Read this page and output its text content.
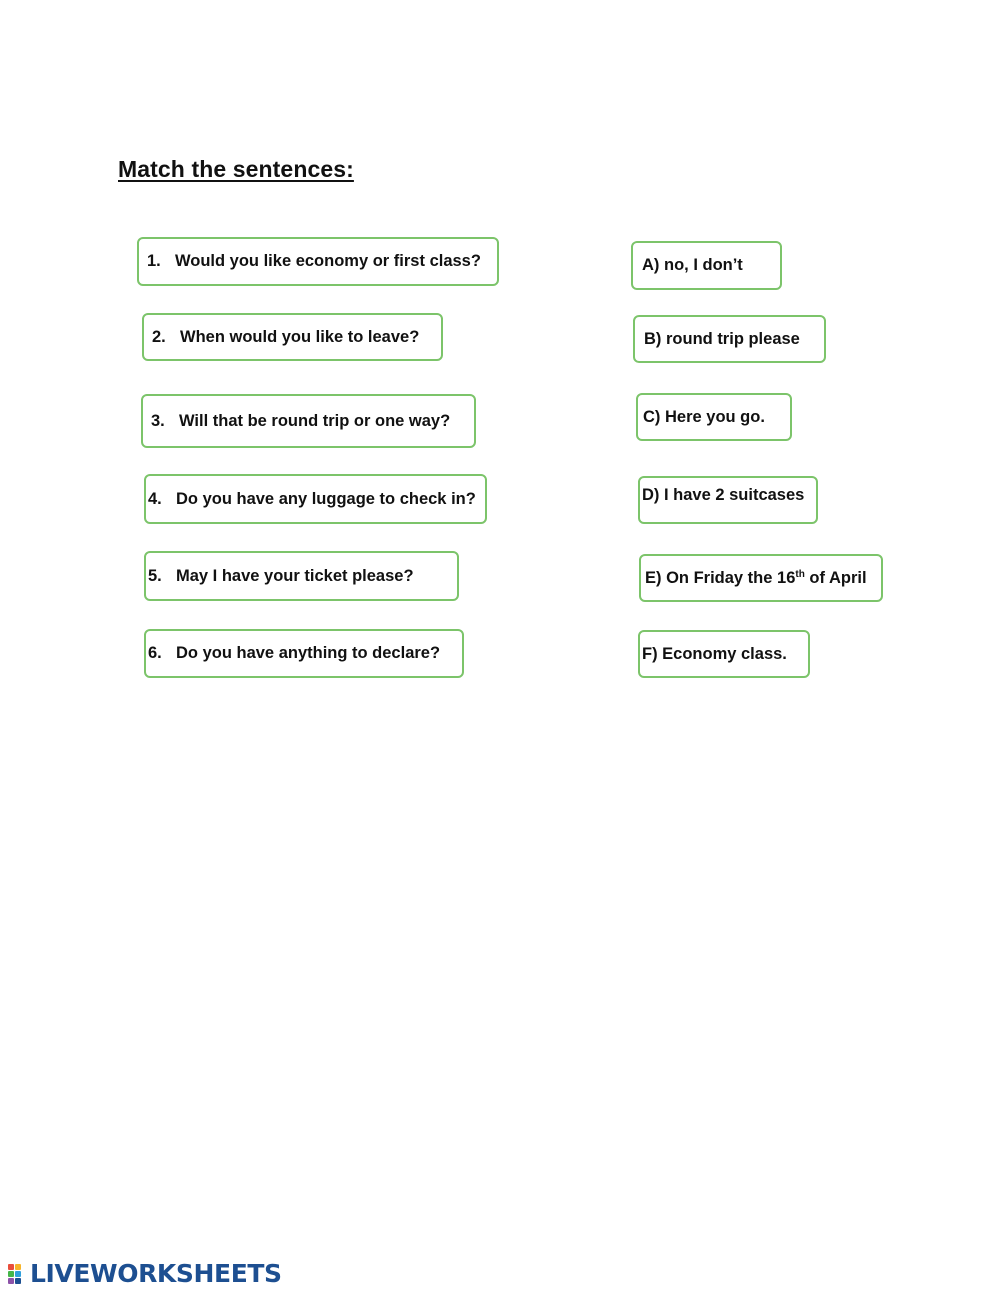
Match the sentences:
1. Would you like economy or first class?
2. When would you like to leave?
3. Will that be round trip or one way?
4. Do you have any luggage to check in?
5. May I have your ticket please?
6. Do you have anything to declare?
A) no, I don’t
B) round trip please
C) Here you go.
D) I have 2 suitcases
E) On Friday the 16th of April
F) Economy class.
LIVEWORKSHEETS
